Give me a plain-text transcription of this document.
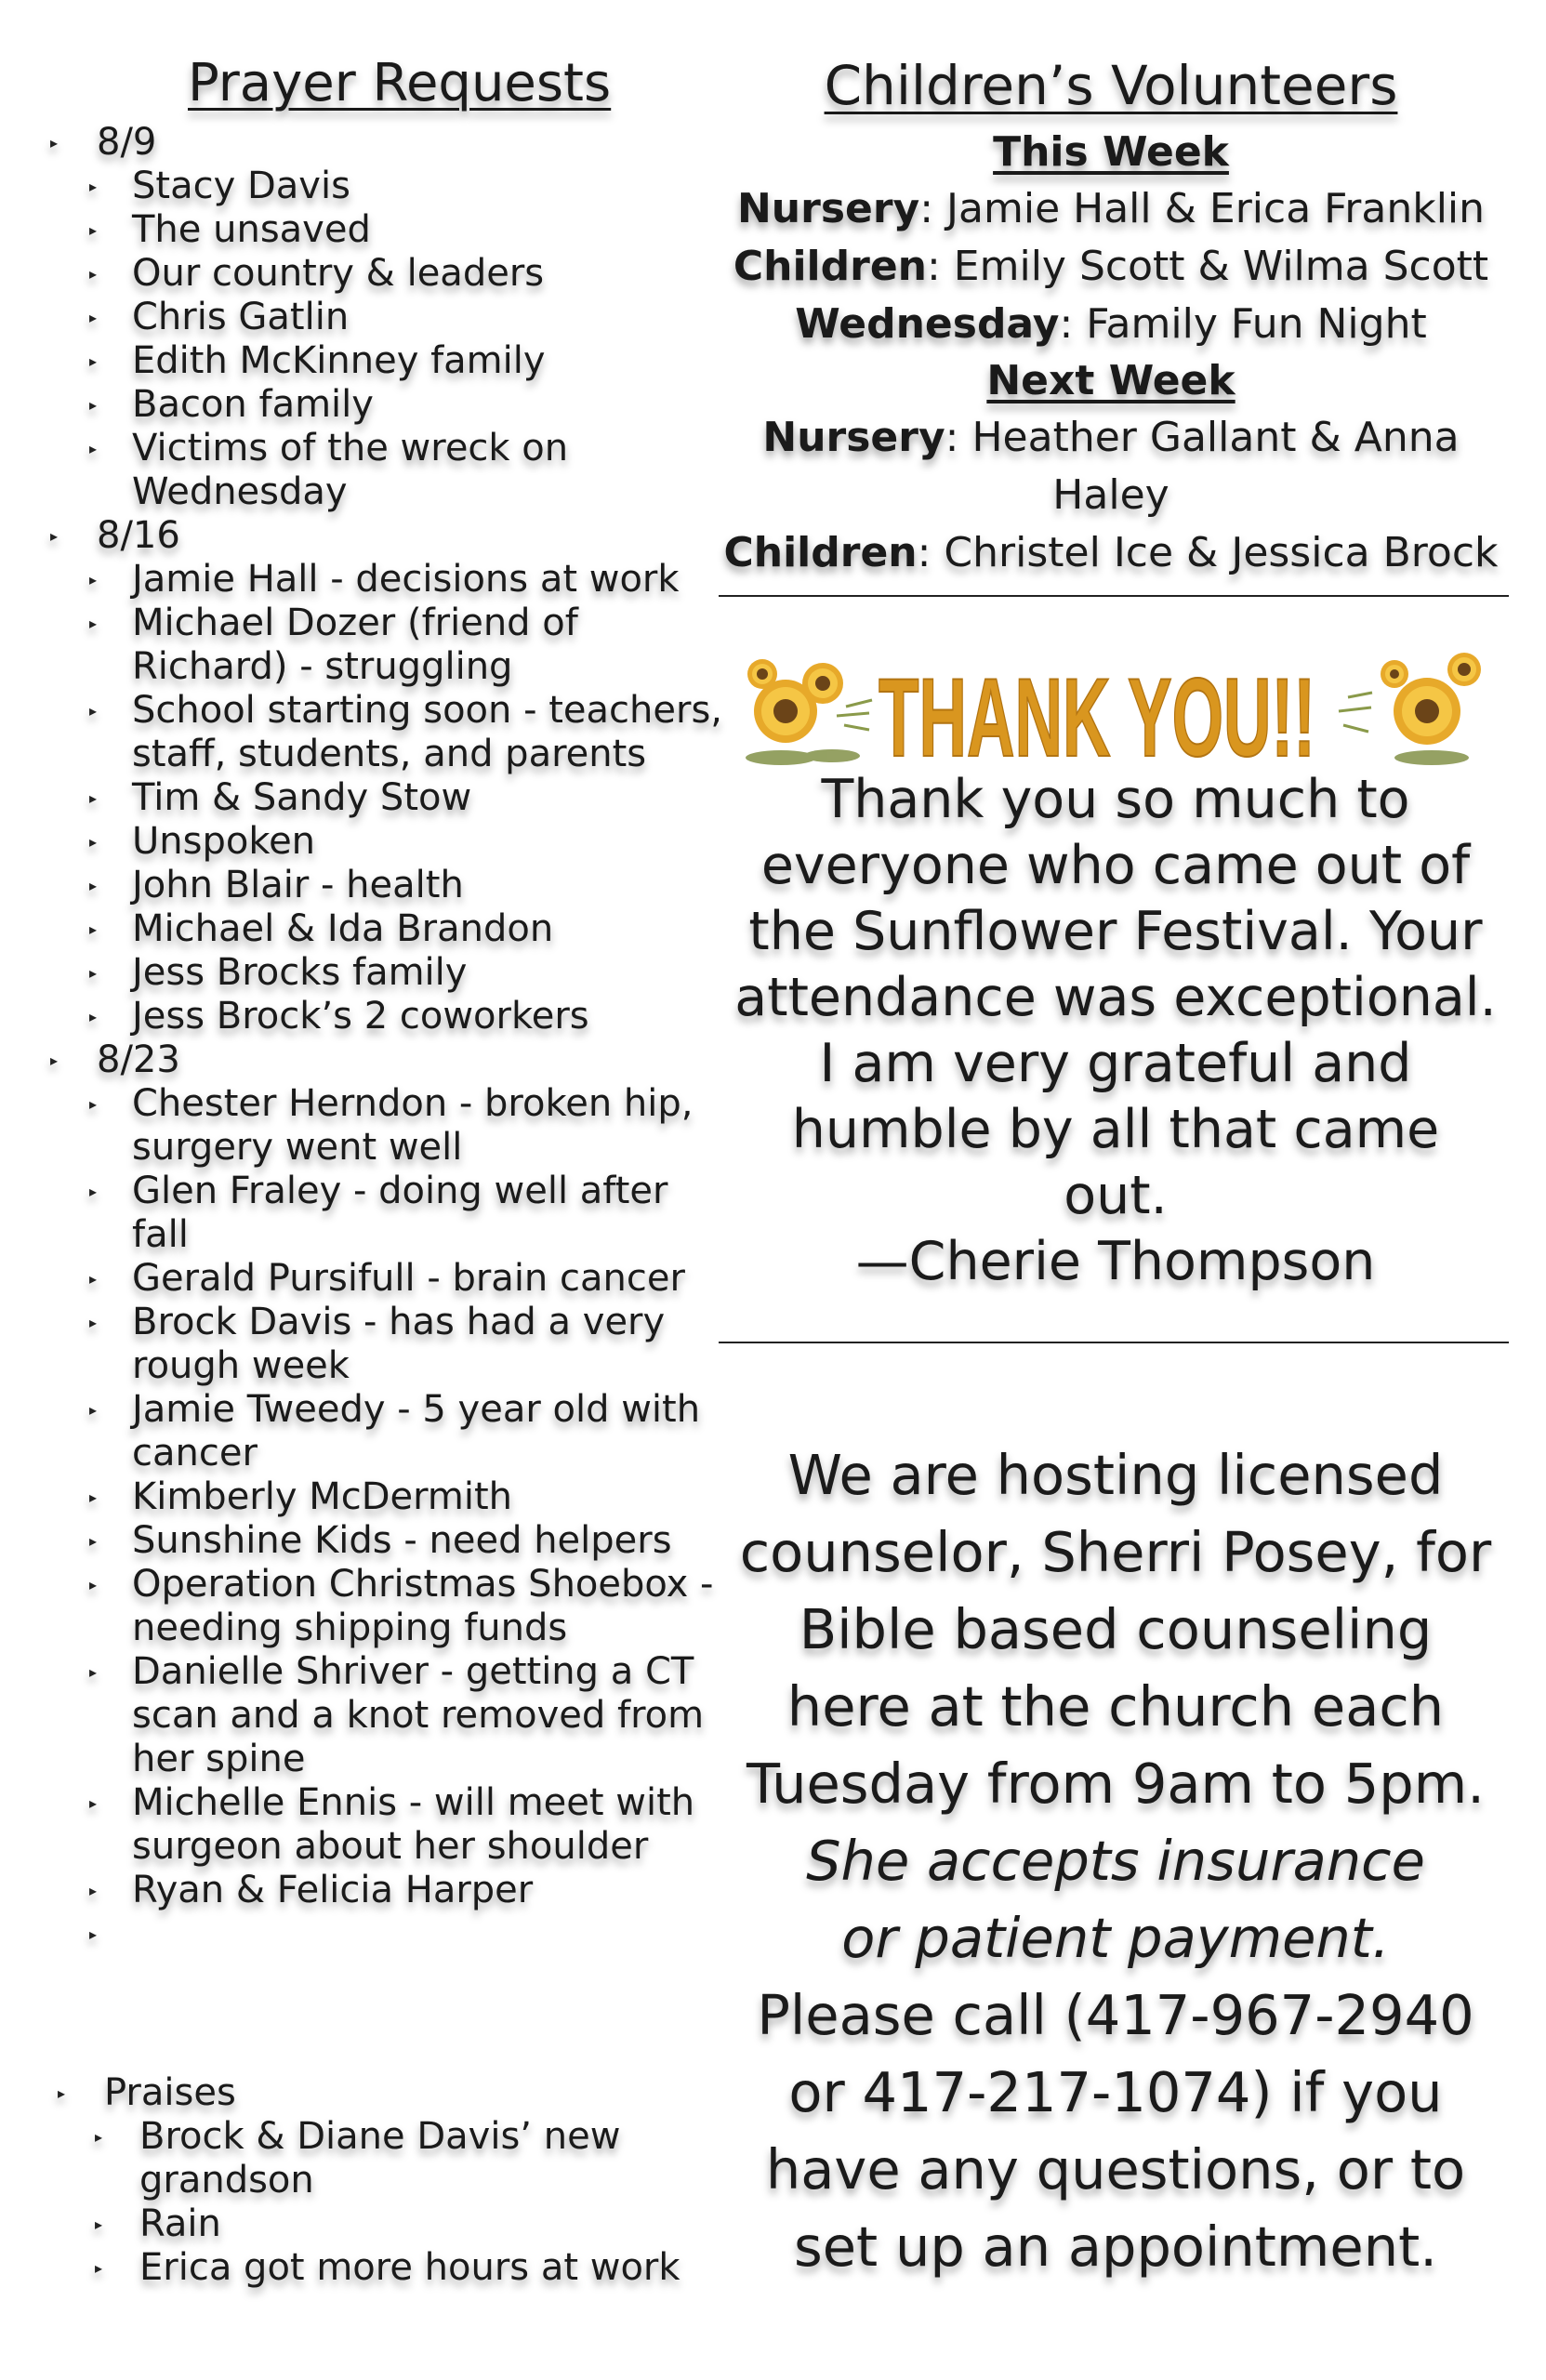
Prayer Requests
▸ 8/9
▸ Stacy Davis
▸ The unsaved
▸ Our country & leaders
▸ Chris Gatlin
▸ Edith McKinney family
▸ Bacon family
▸ Victims of the wreck on Wednesday
▸ 8/16
▸ Jamie Hall - decisions at work
▸ Michael Dozer (friend of Richard) - struggling
▸ School starting soon - teachers, staff, students, and parents
▸ Tim & Sandy Stow
▸ Unspoken
▸ John Blair - health
▸ Michael & Ida Brandon
▸ Jess Brocks family
▸ Jess Brock’s 2 coworkers
▸ 8/23
▸ Chester Herndon - broken hip, surgery went well
▸ Glen Fraley - doing well after fall
▸ Gerald Pursifull - brain cancer
▸ Brock Davis - has had a very rough week
▸ Jamie Tweedy - 5 year old with cancer
▸ Kimberly McDermith
▸ Sunshine Kids - need helpers
▸ Operation Christmas Shoebox - needing shipping funds
▸ Danielle Shriver - getting a CT scan and a knot removed from her spine
▸ Michelle Ennis - will meet with surgeon about her shoulder
▸ Ryan & Felicia Harper
▸
▸ Praises
▸ Brock & Diane Davis’ new grandson
▸ Rain
▸ Erica got more hours at work
Children’s Volunteers
This Week
Nursery: Jamie Hall & Erica Franklin
Children: Emily Scott & Wilma Scott
Wednesday: Family Fun Night
Next Week
Nursery: Heather Gallant & Anna Haley
Children: Christel Ice & Jessica Brock
THANK YOU!!
Thank you so much to everyone who came out of the Sunflower Festival. Your attendance was exceptional. I am very grateful and humble by all that came out.
—Cherie Thompson
We are hosting licensed counselor, Sherri Posey, for Bible based counseling here at the church each Tuesday from 9am to 5pm.
She accepts insurance or patient payment.
Please call (417-967-2940 or 417-217-1074) if you have any questions, or to set up an appointment.
